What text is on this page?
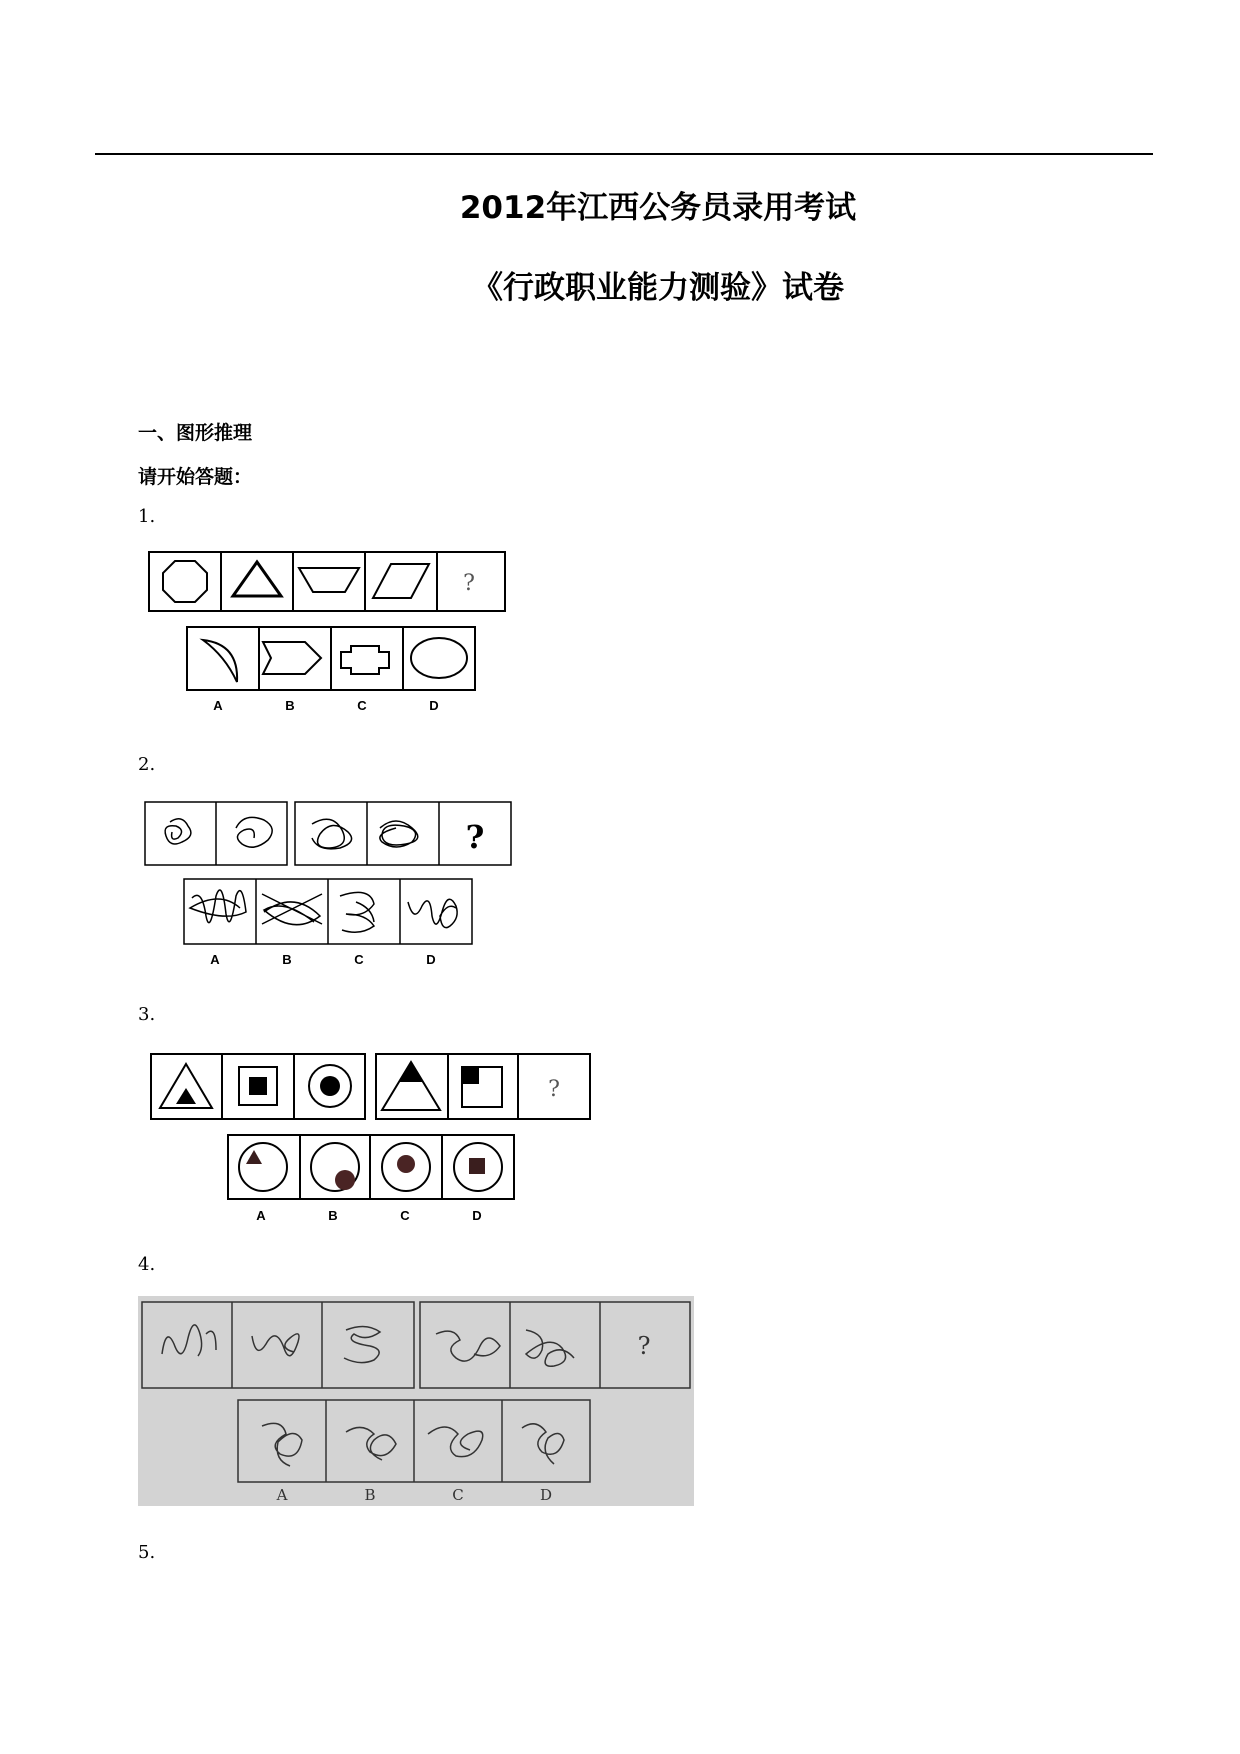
2012年江西公务员录用考试
《行政职业能力测验》试卷
一、图形推理
请开始答题：
1.
?
A	B	C	D
2.
?
A	B	C	D
3.
?
A	B	C	D
4.
?
A	B	C	D
5.
